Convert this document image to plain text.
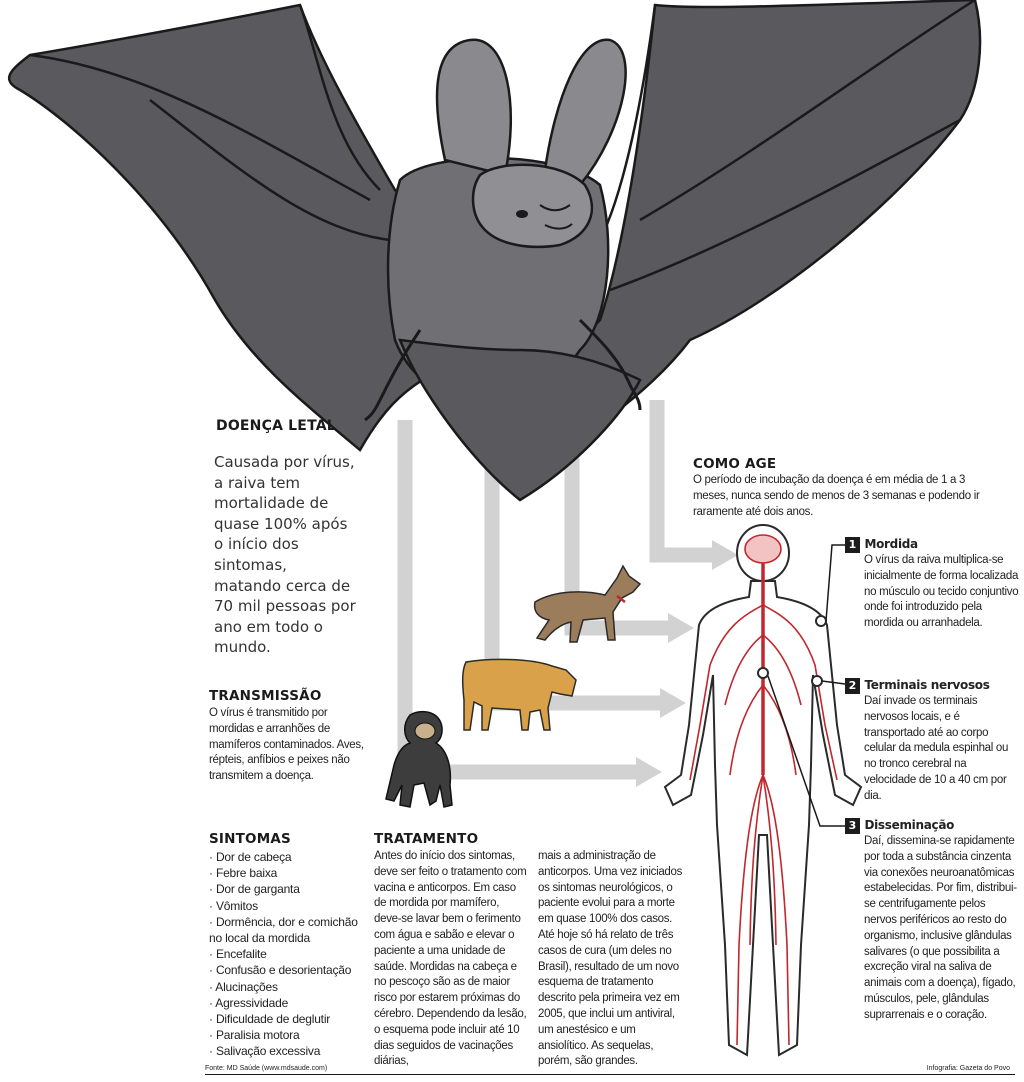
DOENÇA LETAL
Causada por vírus, a raiva tem mortalidade de quase 100% após o início dos sintomas, matando cerca de 70 mil pessoas por ano em todo o mundo.
COMO AGE
O período de incubação da doença é em média de 1 a 3 meses, nunca sendo de menos de 3 semanas e podendo ir raramente até dois anos.
1 Mordida
O vírus da raiva multiplica-se inicialmente de forma localizada no músculo ou tecido conjuntivo onde foi introduzido pela mordida ou arranhadela.
2 Terminais nervosos
Daí invade os terminais nervosos locais, e é transportado até ao corpo celular da medula espinhal ou no tronco cerebral na velocidade de 10 a 40 cm por dia.
3 Disseminação
Daí, dissemina-se rapidamente por toda a substância cinzenta via conexões neuroanatômicas estabelecidas. Por fim, distribui-se centrifugamente pelos nervos periféricos ao resto do organismo, inclusive glândulas salivares (o que possibilita a excreção viral na saliva de animais com a doença), fígado, músculos, pele, glândulas suprarrenais e o coração.
TRANSMISSÃO
O vírus é transmitido por mordidas e arranhões de mamíferos contaminados. Aves, répteis, anfíbios e peixes não transmitem a doença.
SINTOMAS
· Dor de cabeça
· Febre baixa
· Dor de garganta
· Vômitos
· Dormência, dor e comichão no local da mordida
· Encefalite
· Confusão e desorientação
· Alucinações
· Agressividade
· Dificuldade de deglutir
· Paralisia motora
· Salivação excessiva
TRATAMENTO
Antes do início dos sintomas, deve ser feito o tratamento com vacina e anticorpos. Em caso de mordida por mamífero, deve-se lavar bem o ferimento com água e sabão e elevar o paciente a uma unidade de saúde. Mordidas na cabeça e no pescoço são as de maior risco por estarem próximas do cérebro. Dependendo da lesão, o esquema pode incluir até 10 dias seguidos de vacinações diárias,
mais a administração de anticorpos. Uma vez iniciados os sintomas neurológicos, o paciente evolui para a morte em quase 100% dos casos. Até hoje só há relato de três casos de cura (um deles no Brasil), resultado de um novo esquema de tratamento descrito pela primeira vez em 2005, que inclui um antiviral, um anestésico e um ansiolítico. As sequelas, porém, são grandes.
Fonte: MD Saúde (www.mdsaude.com)	Infografia: Gazeta do Povo
